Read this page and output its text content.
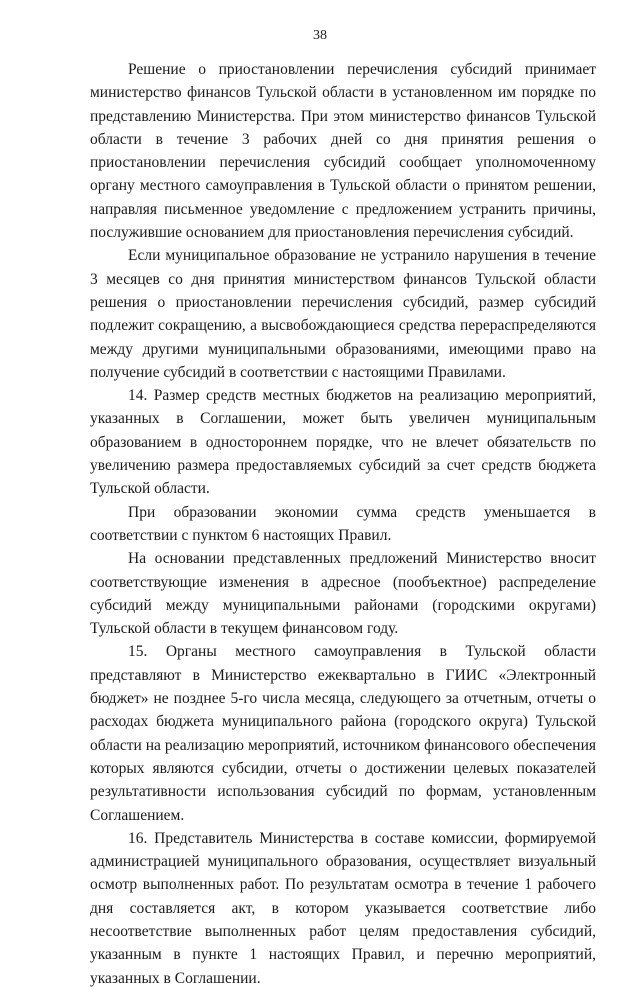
38

Решение о приостановлении перечисления субсидий принимает министерство финансов Тульской области в установленном им порядке по представлению Министерства. При этом министерство финансов Тульской области в течение 3 рабочих дней со дня принятия решения о приостановлении перечисления субсидий сообщает уполномоченному органу местного самоуправления в Тульской области о принятом решении, направляя письменное уведомление с предложением устранить причины, послужившие основанием для приостановления перечисления субсидий.

Если муниципальное образование не устранило нарушения в течение 3 месяцев со дня принятия министерством финансов Тульской области решения о приостановлении перечисления субсидий, размер субсидий подлежит сокращению, а высвобождающиеся средства перераспределяются между другими муниципальными образованиями, имеющими право на получение субсидий в соответствии с настоящими Правилами.

14. Размер средств местных бюджетов на реализацию мероприятий, указанных в Соглашении, может быть увеличен муниципальным образованием в одностороннем порядке, что не влечет обязательств по увеличению размера предоставляемых субсидий за счет средств бюджета Тульской области.

При образовании экономии сумма средств уменьшается в соответствии с пунктом 6 настоящих Правил.

На основании представленных предложений Министерство вносит соответствующие изменения в адресное (пообъектное) распределение субсидий между муниципальными районами (городскими округами) Тульской области в текущем финансовом году.

15. Органы местного самоуправления в Тульской области представляют в Министерство ежеквартально в ГИИС «Электронный бюджет» не позднее 5-го числа месяца, следующего за отчетным, отчеты о расходах бюджета муниципального района (городского округа) Тульской области на реализацию мероприятий, источником финансового обеспечения которых являются субсидии, отчеты о достижении целевых показателей результативности использования субсидий по формам, установленным Соглашением.

16. Представитель Министерства в составе комиссии, формируемой администрацией муниципального образования, осуществляет визуальный осмотр выполненных работ. По результатам осмотра в течение 1 рабочего дня составляется акт, в котором указывается соответствие либо несоответствие выполненных работ целям предоставления субсидий, указанным в пункте 1 настоящих Правил, и перечню мероприятий, указанных в Соглашении.
